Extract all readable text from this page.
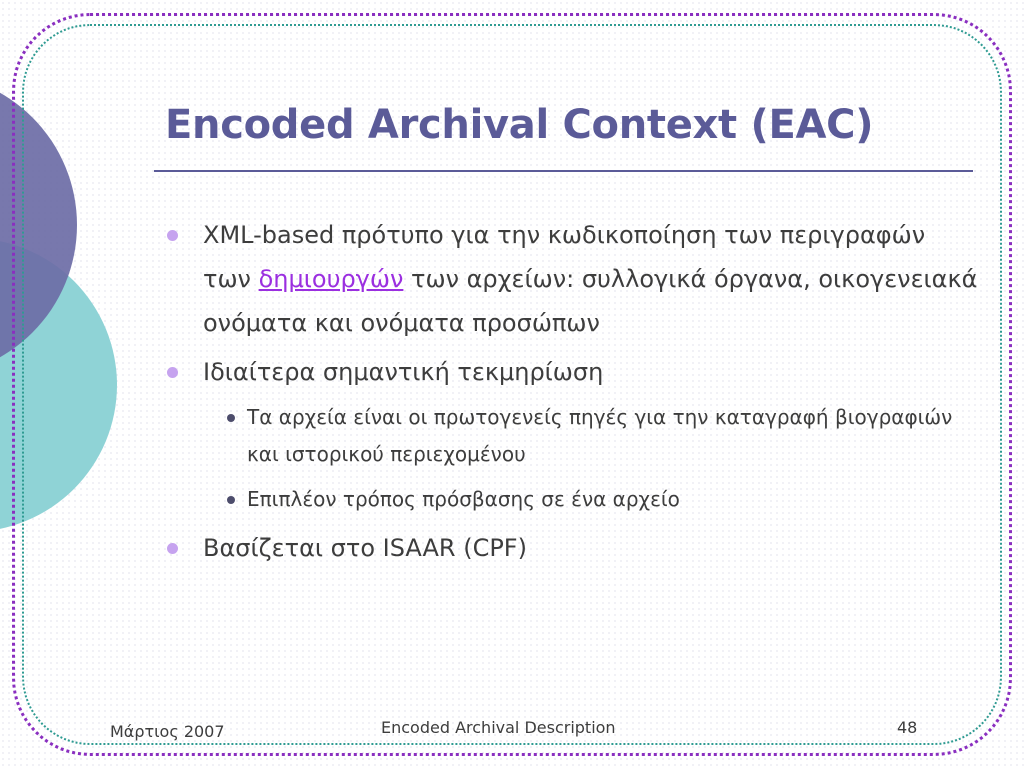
Encoded Archival Context (EAC)
XML-based πρότυπο για την κωδικοποίηση των περιγραφών των δημιουργών των αρχείων: συλλογικά όργανα, οικογενειακά ονόματα και ονόματα προσώπων
Ιδιαίτερα σημαντική τεκμηρίωση
Τα αρχεία είναι οι πρωτογενείς πηγές για την καταγραφή βιογραφιών και ιστορικού περιεχομένου
Επιπλέον τρόπος πρόσβασης σε ένα αρχείο
Βασίζεται στο ISAAR (CPF)
Μάρτιος 2007	Encoded Archival Description	48
